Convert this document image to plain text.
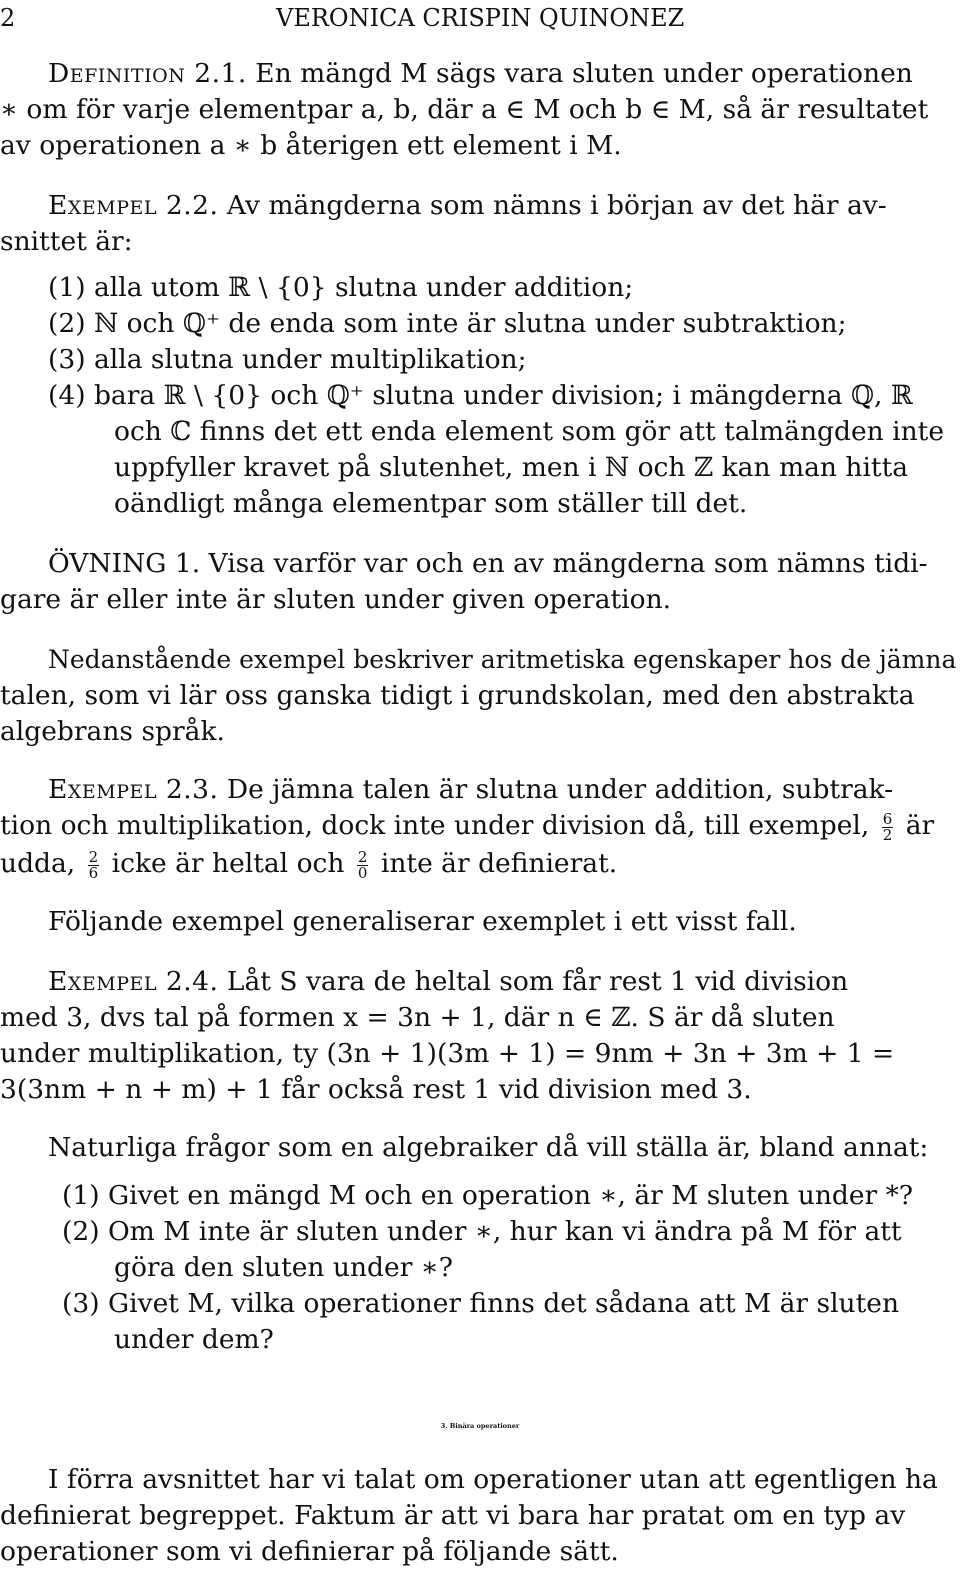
2	VERONICA CRISPIN QUINONEZ
Definition 2.1. En mängd M sägs vara sluten under operationen
∗ om för varje elementpar a, b, där a ∈ M och b ∈ M, så är resultatet
av operationen a ∗ b återigen ett element i M.
Exempel 2.2. Av mängderna som nämns i början av det här av-
snittet är:
(1) alla utom ℝ \ {0} slutna under addition;
(2) ℕ och ℚ⁺ de enda som inte är slutna under subtraktion;
(3) alla slutna under multiplikation;
(4) bara ℝ \ {0} och ℚ⁺ slutna under division; i mängderna ℚ, ℝ
och ℂ finns det ett enda element som gör att talmängden inte
uppfyller kravet på slutenhet, men i ℕ och ℤ kan man hitta
oändligt många elementpar som ställer till det.
ÖVNING 1. Visa varför var och en av mängderna som nämns tidi-
gare är eller inte är sluten under given operation.
Nedanstående exempel beskriver aritmetiska egenskaper hos de jämna
talen, som vi lär oss ganska tidigt i grundskolan, med den abstrakta
algebrans språk.
Exempel 2.3. De jämna talen är slutna under addition, subtrak-
tion och multiplikation, dock inte under division då, till exempel, $\frac{6}{2}$ är
udda, $\frac{2}{6}$ icke är heltal och $\frac{2}{0}$ inte är definierat.
Följande exempel generaliserar exemplet i ett visst fall.
Exempel 2.4. Låt S vara de heltal som får rest 1 vid division
med 3, dvs tal på formen x = 3n + 1, där n ∈ ℤ. S är då sluten
under multiplikation, ty (3n + 1)(3m + 1) = 9nm + 3n + 3m + 1 =
3(3nm + n + m) + 1 får också rest 1 vid division med 3.
Naturliga frågor som en algebraiker då vill ställa är, bland annat:
(1) Givet en mängd M och en operation ∗, är M sluten under *?
(2) Om M inte är sluten under ∗, hur kan vi ändra på M för att
göra den sluten under ∗?
(3) Givet M, vilka operationer finns det sådana att M är sluten
under dem?
3. Binära operationer
I förra avsnittet har vi talat om operationer utan att egentligen ha
definierat begreppet. Faktum är att vi bara har pratat om en typ av
operationer som vi definierar på följande sätt.
